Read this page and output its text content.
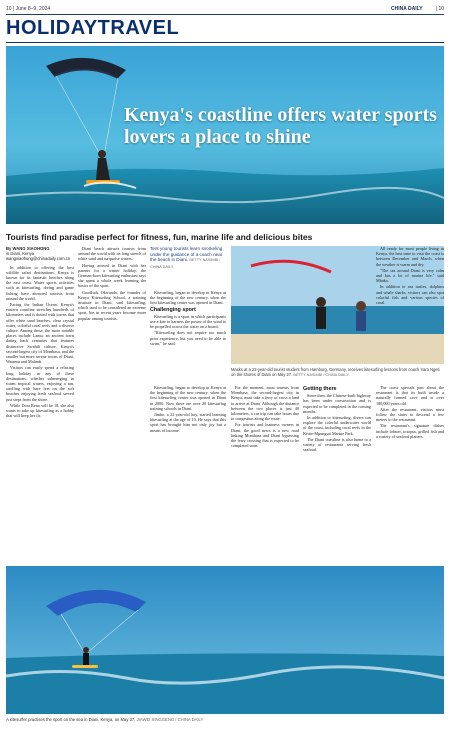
10 | June 8–9, 2024	CHINA DAILY	| 10
HOLIDAYTRAVEL
Kenya's coastline offers water sports lovers a place to shine
Tourists find paradise perfect for fitness, fun, marine life and delicious bites
By WANG XIAOHONG
in Diani, Kenya
wangxiaohong@chinadaily.com.cn

In addition to offering the best wildlife safari destinations, Kenya is known for its fantastic beaches along the east coast. Water sports activities such as kitesurfing, diving and game fishing have attracted tourists from around the world.

Facing the Indian Ocean, Kenya's eastern coastline stretches hundreds of kilometers and is dotted with towns that offer white sand beaches, clear crystal water, colorful coral reefs and a diverse culture. Among these, the more notable places include Lamu, an ancient town dating back centuries that features distinctive Swahili culture, Kenya's second-largest city of Mombasa, and the smaller but more serene towns of Diani, Watamu and Malindi.

Visitors can easily spend a relaxing long holiday in any of these destinations, whether submerging in warm tropical waters, enjoying a tan, strolling with bare feet on the soft beaches enjoying fresh seafood served just steps from the shore.

While Dora Beno will be 18, she also wants to take up kitesurfing as a hobby that will keep her fit.

Diani beach attracts tourists from around the world with its long stretch of white sand and turquoise waters.

Having arrived in Diani with her parents for a winter holiday, the German-born kitesurfing enthusiast says she spent a whole week learning the basics of the sport.

Goodluck Okwaada, the founder of Kenya Kitesurfing School, a training institute in Diani, said kitesurfing, which used to be considered an extreme sport, has in recent years become more popular among tourists.

Tent young tourists learn snorkeling under the guidance of a coach near the beach in Diani. BETTY NASIMBI / CHINA DAILY

Kitesurfing, began to develop in Kenya at the beginning of the new century, when the first kitesurfing center was opened in Diani.

Challenging sport

Kitesurfing is a sport in which participants use a kite to harness the power of the wind to be propelled across the water on a board.

"Kitesurfing does not require too much prior experience, but you need to be able to swim," he said.

Masks at a 22-year-old tourist student from Hamburg, Germany, receives kitesurfing lessons from coach Irara Ngeti on the shores of Diani on May 27. BETTY NASIMBI / CHINA DAILY

Kitesurfing, began to develop in Kenya at the beginning of the new century, when the first kitesurfing center was opened in Diani in 2000. Now there are over 20 kitesurfing training schools in Diani.

Jimbo, a 22-year-old boy, started learning kitesurfing at the age of 10. He says that this sport has brought him not only joy but a means of income.

For the moment, most tourists from Mombasa, the second-largest city in Kenya, must take a ferry or cross a land to arrive at Diani. Although the distance between the two places is just 40 kilometers, a car trip can take hours due to congestion along the route.

For tourists and business owners in Diani, the good news is a new road linking Mombasa and Diani bypassing the ferry crossing that is expected to be completed soon.

Getting there

Since then, the Chinese-built highway has been under construction and is expected to be completed in the coming months.

In addition to kitesurfing, divers can explore the colorful underwater world of the coast, including coral reefs in the Kisite-Mpunguti Marine Park.

The Diani coastline is also home to a variety of restaurants serving fresh seafood.

All ready for most people living in Kenya, the best time to visit the coast is between December and March, when the weather is warm and dry.

"The sea around Diani is very calm and has a lot of marine life," said Mbaka.

In addition to sea turtles, dolphins and whale sharks, visitors can also spot colorful fish and various species of coral.

The coast specials part about the restaurant is that its built inside a naturally formed cave and is over 180,000 years old.

After the restaurant, visitors must follow the stairs to descend a few meters to the restaurant.

The restaurant's signature dishes include lobster, octopus, grilled fish and a variety of seafood platters.

A kitesurfer practises the sport on the sea in Diani, Kenya, on May 27. JIAWEI XINGGENG / CHINA DAILY
